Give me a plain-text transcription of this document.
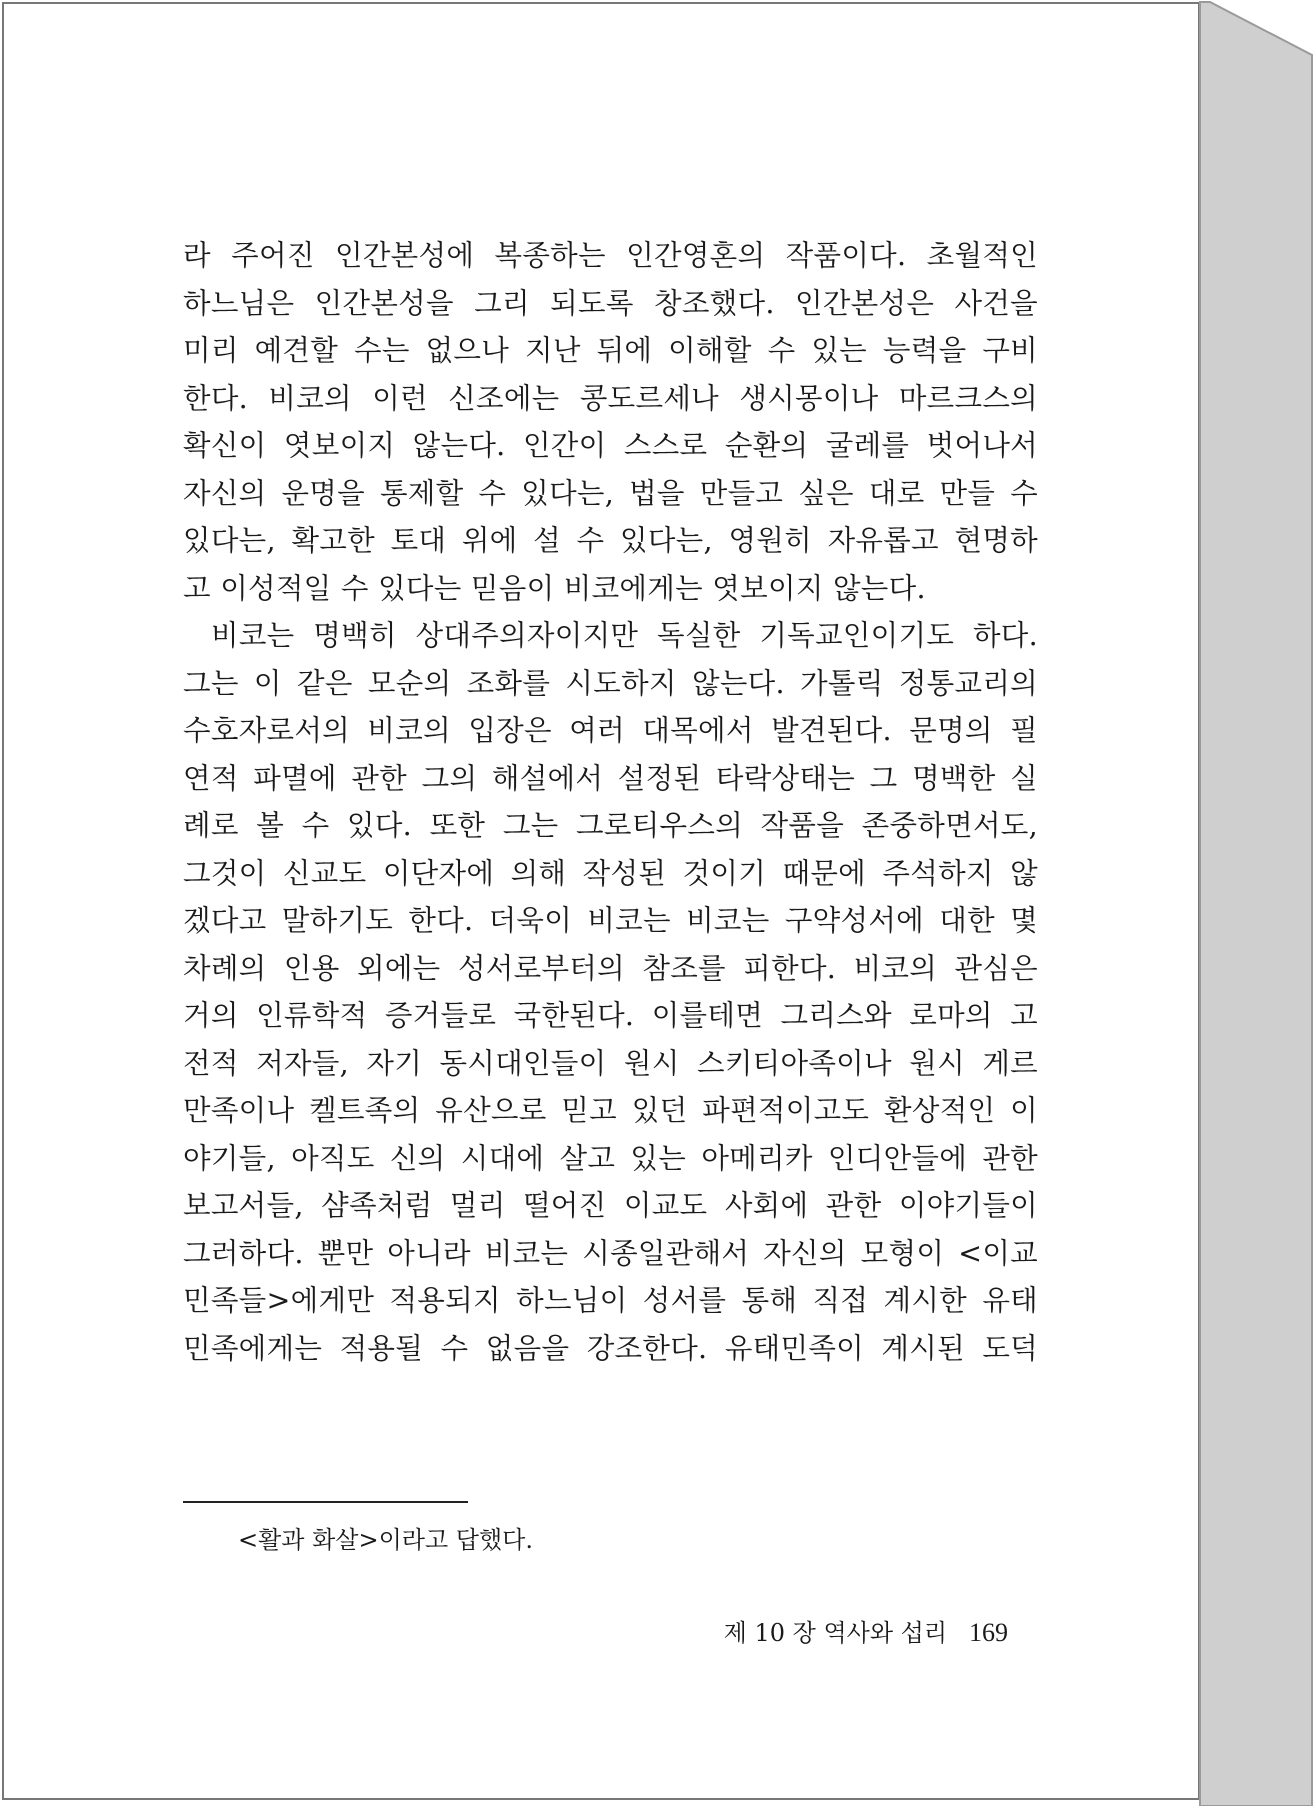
라 주어진 인간본성에 복종하는 인간영혼의 작품이다. 초월적인
하느님은 인간본성을 그리 되도록 창조했다. 인간본성은 사건을
미리 예견할 수는 없으나 지난 뒤에 이해할 수 있는 능력을 구비
한다. 비코의 이런 신조에는 콩도르세나 생시몽이나 마르크스의
확신이 엿보이지 않는다. 인간이 스스로 순환의 굴레를 벗어나서
자신의 운명을 통제할 수 있다는, 법을 만들고 싶은 대로 만들 수
있다는, 확고한 토대 위에 설 수 있다는, 영원히 자유롭고 현명하
고 이성적일 수 있다는 믿음이 비코에게는 엿보이지 않는다.
비코는 명백히 상대주의자이지만 독실한 기독교인이기도 하다.
그는 이 같은 모순의 조화를 시도하지 않는다. 가톨릭 정통교리의
수호자로서의 비코의 입장은 여러 대목에서 발견된다. 문명의 필
연적 파멸에 관한 그의 해설에서 설정된 타락상태는 그 명백한 실
례로 볼 수 있다. 또한 그는 그로티우스의 작품을 존중하면서도,
그것이 신교도 이단자에 의해 작성된 것이기 때문에 주석하지 않
겠다고 말하기도 한다. 더욱이 비코는 비코는 구약성서에 대한 몇
차례의 인용 외에는 성서로부터의 참조를 피한다. 비코의 관심은
거의 인류학적 증거들로 국한된다. 이를테면 그리스와 로마의 고
전적 저자들, 자기 동시대인들이 원시 스키티아족이나 원시 게르
만족이나 켈트족의 유산으로 믿고 있던 파편적이고도 환상적인 이
야기들, 아직도 신의 시대에 살고 있는 아메리카 인디안들에 관한
보고서들, 샴족처럼 멀리 떨어진 이교도 사회에 관한 이야기들이
그러하다. 뿐만 아니라 비코는 시종일관해서 자신의 모형이 <이교
민족들>에게만 적용되지 하느님이 성서를 통해 직접 계시한 유태
민족에게는 적용될 수 없음을 강조한다. 유태민족이 계시된 도덕
<활과 화살>이라고 답했다.
제 10 장 역사와 섭리 169
